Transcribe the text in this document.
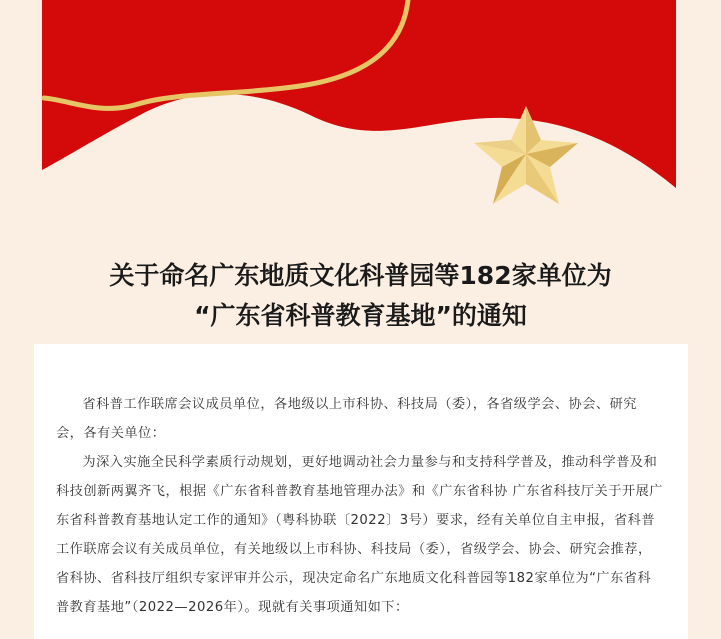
关于命名广东地质文化科普园等182家单位为
“广东省科普教育基地”的通知

省科普工作联席会议成员单位，各地级以上市科协、科技局（委），各省级学会、协会、研究会，各有关单位：

为深入实施全民科学素质行动规划，更好地调动社会力量参与和支持科学普及，推动科学普及和科技创新两翼齐飞，根据《广东省科普教育基地管理办法》和《广东省科协 广东省科技厅关于开展广东省科普教育基地认定工作的通知》（粤科协联〔2022〕3号）要求，经有关单位自主申报，省科普工作联席会议有关成员单位，有关地级以上市科协、科技局（委），省级学会、协会、研究会推荐，省科协、省科技厅组织专家评审并公示，现决定命名广东地质文化科普园等182家单位为“广东省科普教育基地”（2022—2026年）。现就有关事项通知如下：
